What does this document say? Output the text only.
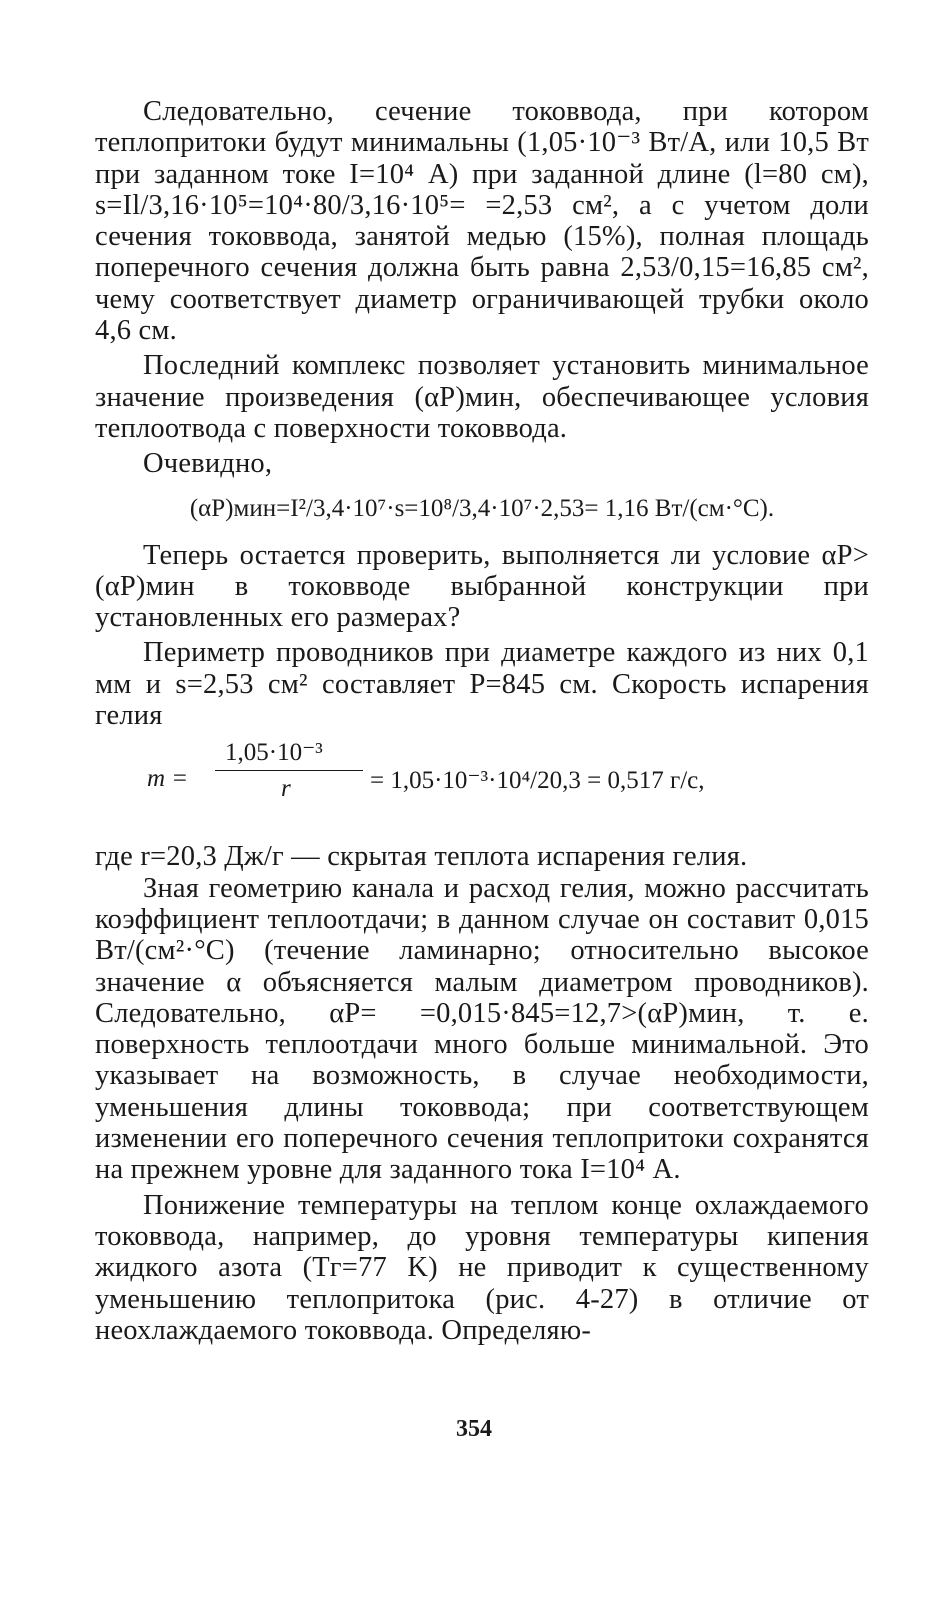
Следовательно, сечение токоввода, при котором теплопритоки будут минимальны (1,05·10⁻³ Вт/А, или 10,5 Вт при заданном токе I=10⁴ А) при заданной длине (l=80 см), s=Il/3,16·10⁵=10⁴·80/3,16·10⁵= =2,53 см², а с учетом доли сечения токоввода, занятой медью (15%), полная площадь поперечного сечения должна быть равна 2,53/0,15=16,85 см², чему соответствует диаметр ограничивающей трубки около 4,6 см.

Последний комплекс позволяет установить минимальное значение произведения (αP)мин, обеспечивающее условия теплоотвода с поверхности токоввода.

Очевидно,

(αP)мин=I²/3,4·10⁷·s=10⁸/3,4·10⁷·2,53= 1,16 Вт/(см·°C).

Теперь остается проверить, выполняется ли условие αP>(αP)мин в токовводе выбранной конструкции при установленных его размерах?

Периметр проводников при диаметре каждого из них 0,1 мм и s=2,53 см² составляет P=845 см. Скорость испарения гелия

m =
1,05·10⁻³
r	= 1,05·10⁻³·10⁴/20,3 = 0,517 г/с,

где r=20,3 Дж/г — скрытая теплота испарения гелия.

Зная геометрию канала и расход гелия, можно рассчитать коэффициент теплоотдачи; в данном случае он составит 0,015 Вт/(см²·°C) (течение ламинарно; относительно высокое значение α объясняется малым диаметром проводников). Следовательно, αP= =0,015·845=12,7>(αP)мин, т. е. поверхность теплоотдачи много больше минимальной. Это указывает на возможность, в случае необходимости, уменьшения длины токоввода; при соответствующем изменении его поперечного сечения теплопритоки сохранятся на прежнем уровне для заданного тока I=10⁴ А.

Понижение температуры на теплом конце охлаждаемого токоввода, например, до уровня температуры кипения жидкого азота (Tг=77 K) не приводит к существенному уменьшению теплопритока (рис. 4-27) в отличие от неохлаждаемого токоввода. Определяю-

354
